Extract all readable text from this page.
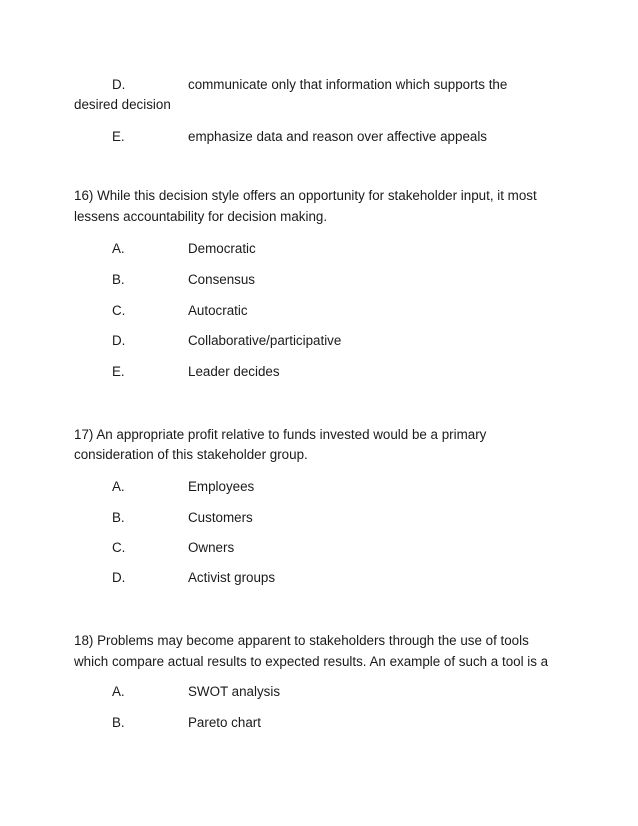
D.	communicate only that information which supports the
desired decision
E.	emphasize data and reason over affective appeals
16) While this decision style offers an opportunity for stakeholder input, it most
lessens accountability for decision making.
A.	Democratic
B.	Consensus
C.	Autocratic
D.	Collaborative/participative
E.	Leader decides
17) An appropriate profit relative to funds invested would be a primary
consideration of this stakeholder group.
A.	Employees
B.	Customers
C.	Owners
D.	Activist groups
18) Problems may become apparent to stakeholders through the use of tools
which compare actual results to expected results. An example of such a tool is a
A.	SWOT analysis
B.	Pareto chart
